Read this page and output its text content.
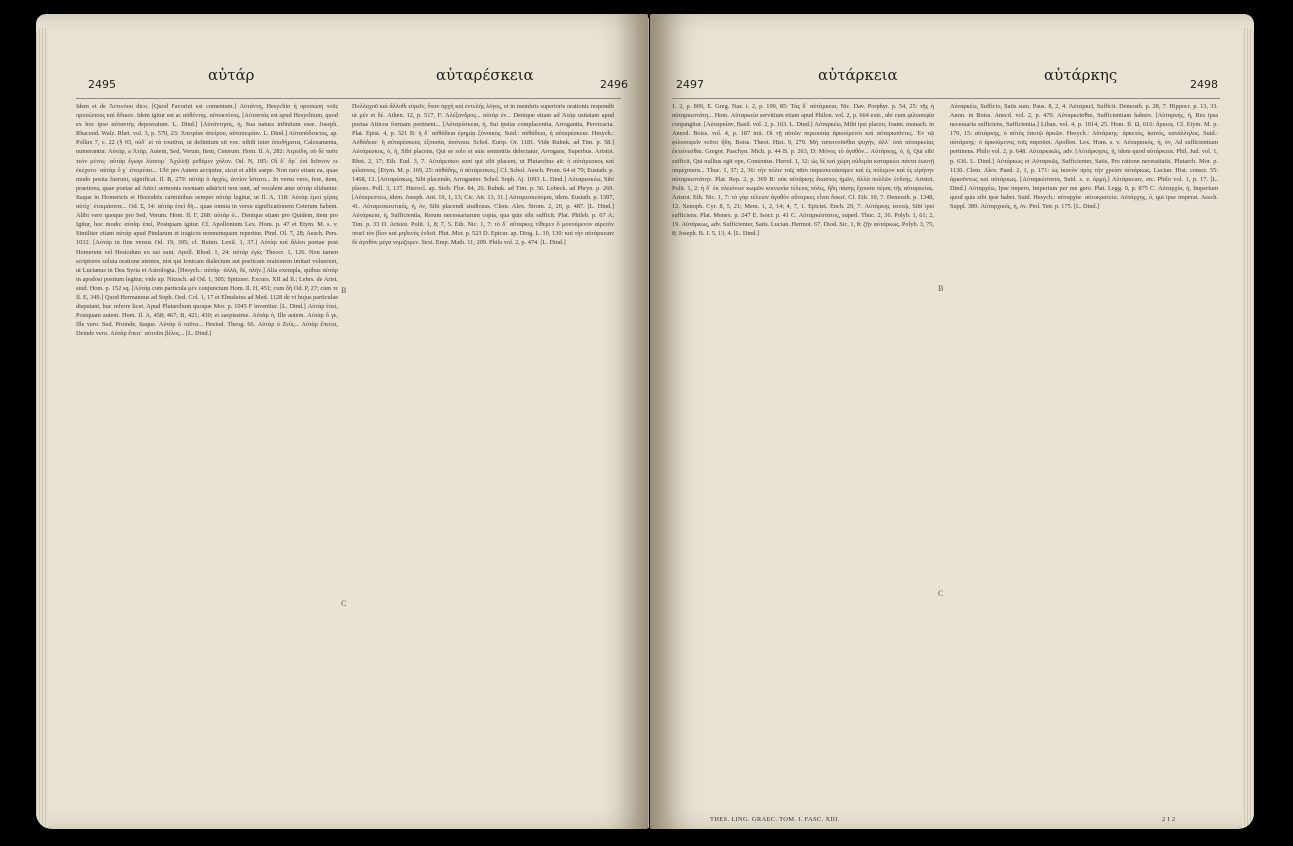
2495
αὐτάρ	αὐταρέσκεια
2496
Idem et de Ἀντινόου dico. [Quod Favorini est comentum.] Αὐτάντη, Hesychio ἡ προσώπη τοῦς προσώπους καὶ ἄδικον. Idem igitur est ac αὐθέντης. αὐτοκτόνος. [Αὐταντάς est apud Hesychium, quod ex hoc ipso αὐταντής depravatum. L. Dind.] [Αὐτάντησις, ἡ, Sua natura infinitum esse. Joseph. Rhacend. Walz. Rhet. vol. 3, p. 570, 23: Ἀπειρίαν ἀπείρου, αὐταπειρίαν. L. Dind.] Αὐταπόδεικτος, ap. Pollux 7, c. 22 (§ 93, οὐδ᾽ εἰ τά τοιαῦτα, ut definitum sit voc. nihili inter ὑποδήματα, Calceamenta, numerantur. Αὐτάρ, a Ἀτὰρ, Autem, Sed, Verum, Item, Ceterum. Hom. Il. A, 282: Ἀτρείδη, σὺ δὲ παῦε τεὸν μένος· αὐτὰρ ἔγωγε λίσσομ᾽ Ἀχιλλῆϊ μεθέμεν χόλον. Od. N, 185: Οἳ δ᾽ ἄρ᾽ ἐπὶ δεῖπνον τε ἐκέχυτο· αὐτὰρ ὅ γ᾽ ἐπιτρέπει... Ubi pro Autem accipitur, sicut et alibi saepe. Non raro etiam ea, quae modo posita fuerunt, significat. Il. B, 279: αὐτὰρ ὁ ἀρχὸς, ἀντίον ἴστατο... In versu vero, fere, item, praeterea, quae poetae ad Attici sermonis normam adstricti non sunt, ad vocalem ante αὐτάρ eliduntur. Itaque in Homericis et Hesiodeis carminibus semper αὐτάρ legitur, ut Il. A, 118: Αὐτὰρ ἐμοὶ γέρας αὐτίχ᾽ ἑτοιμάσατε... Od. Σ, 14: αὐτὰρ ἐπεὶ δὴ... quae omnia in versu significationem Ceterum habent. Alibi vero quoque pro Sed, Verum. Hom. Il. Γ, 268: αὐτὰρ ὁ... Denique etiam pro Quidem, item pro Igitur, hoc modo: αὐτὰρ ἐπεὶ, Postquam igitur. Cf. Apollonium Lex. Hom. p. 47 et Etym. M. s. v. Similiter etiam αὐτάρ apud Pindarum et tragicos nonnumquam reperitur. Pind. Ol. 7, 28; Aesch. Pers. 1032. [Αὐτάρ in fine versus Od. 19, 395; cf. Buttm. Lexil. 1, 37.] Αὐτὰρ καὶ ἄλλοι poetae post Homerum vel Hesiodum eo usi sunt. Apoll. Rhod. 1, 24: αὐτὰρ ἐγώ; Theocr. 1, 126. Non tamen scriptores soluta oratione utentes, nisi qui Ionicam dialectum aut poeticam orationem imitari voluerunt, ut Lucianus in Dea Syria et Astrologia. [Hesych.: αὐτάρ· ἀλλά, δέ, πλήν.] Alia exempla, quibus αὐτάρ in apodosi positum legitur, vide ap. Nitzsch. ad Od. 1, 305; Spitzner. Excurs. XII ad Il.; Lehrs. de Arist. stud. Hom. p. 152 sq. [Αὐτάρ cum particula μέν conjunctum Hom. Il. H, 451; cum δή Od. P, 27; cum τε Il. E, 349.] Quod Hermannus ad Soph. Oed. Col. 1, 17 et Elmsleius ad Med. 1128 de vi hujus particulae disputant, huc referre licet. Apud Plutarchum quoque Mor. p. 1045 F invenitur. [L. Dind.] Αὐτάρ ἐπεί, Postquam autem. Hom. Il. A, 458; 467; B, 421; 430; et saepissime. Αὐτὰρ ὁ, Ille autem. Αὐτὰρ ὅ γε, Ille vero. Sed. Proinde, Itaque. Αὐτὰρ ὅ ταῦτα... Hesiod. Theog. 66. Αὐτὰρ ὁ Ζεύς... Αὐτὰρ ἔπειτα, Deinde vero. Αὐτὰρ ἔπειτ᾽ αὐτοῖσι βέλος... [L. Dind.]
Πολλαχοῦ καὶ ἄλλοθι εὑρεῖν, ὅταν ἀρχὴ καὶ ἐντελὴς λόγος, et in membris superioris orationis respondit ut μέν et δέ. Athen. 12, p. 517, F: Ἀλέξανδρος... αὐτὰρ ἐν... Denique etiam ad Ἀτάρ usitatam apud poetas Atticos formam pertinent... [Αὐταρέσκεια, ἡ, Sui ipsius complacentia, Arrogantia, Pervicacia. Plat. Epist. 4, p. 321 B: ἡ δ᾽ αὐθάδεια ἐρημίᾳ ξύνοικος. Suid.: αὐθάδεια, ἡ αὐταρέσκεια. Hesych.: Αὐθάδεια· ἡ αὐταρέσκεια, ἐξουσία, ἀπόνοια. Schol. Eurip. Or. 1181. Vide Ruhnk. ad Tim. p. 58.] Αὐτάρεσκος, ὁ, ἡ, Sibi placens, Qui se solo et suis sententiis delectatur, Arrogans, Superbus. Aristot. Rhet. 2, 17; Eth. Eud. 3, 7. Αὐτάρεσκοι sunt qui sibi placent, ut Plutarchus ait: ὁ αὐτάρεσκος καὶ φίλαυτος. [Etym. M. p. 169, 25: αὐθάδης, ὁ αὐτάρεσκος.] Cf. Schol. Aesch. Prom. 64 et 79; Eustath. p. 1468, 13. [Αὐταρέσκως, Sibi placendo, Arroganter. Schol. Soph. Aj. 1093. L. Dind.] Αὐταρεσκέω, Sibi placeo. Poll. 3, 137. Hierocl. ap. Stob. Flor. 84, 20. Ruhnk. ad Tim. p. 56. Lobeck. ad Phryn. p. 269. [Αὐταρεστέω, idem. Joseph. Ant. 19, 1, 13; Cic. Att. 13, 31.] Αὐταρεσκεύομαι, idem. Eustath. p. 1397, 41. Αὐταρεσκευτικός, ή, όν, Sibi placendi studiosus. Clem. Alex. Strom. 2, 20, p. 487. [L. Dind.] Αὐτάρκεια, ἡ, Sufficientia, Rerum necessariarum copia, qua quis sibi sufficit. Plat. Phileb. p. 67 A; Tim. p. 33 D. Aristot. Polit. 1, 8; 7, 5. Eth. Nic. 1, 7: τὸ δ᾽ αὔταρκες τίθεμεν ὃ μονούμενον αἱρετὸν ποιεῖ τὸν βίον καὶ μηδενὸς ἐνδεᾶ. Plut. Mor. p. 523 D. Epicur. ap. Diog. L. 10, 130: καὶ τὴν αὐτάρκειαν δὲ ἀγαθὸν μέγα νομίζομεν. Sext. Emp. Math. 11, 209. Philo vol. 2, p. 474. [L. Dind.]
B
C
2497
αὐτάρκεια	αὐτάρκης
2498
1. 2, p. 809, E. Greg. Naz. t. 2, p. 199, 85: Τὰς δ᾽ αὐτάρκεια, Nic. Dav. Porphyr. p. 54, 25: τῆς ἡ αὐταρκεστάτη... Hom. Αὐταρκεία servitium etiam apud Philon. vol. 2, p. 664 extr., ubi cum φιλοσοφία conjungitur. [Αὐταρκίαν, Basil. vol. 2, p. 163. L. Dind.] Αὐταρκέω, Mihi ipsi placeo, Joann. monach. in Anecd. Boiss. vol. 4, p. 187 init. Οἱ τῇ αὐτῶν περιουσίᾳ ἀρκούμενοι καὶ αὐταρκοῦντες. Ἐν τῷ φιλοσοφεῖν τοῦτο ἤδη. Boiss. Theot. Hist. 9, 279. Μὴ ταπεινοῦσθαι ψυχὴν, ἀλλ᾽ ὑπὸ αὐταρκείας ἐκτείνεσθαι. Gregor. Paschyn. Mich. p. 44 B. p. 263, D: Μόνος τὸ ἀγαθὸν... Αὐτάρκης, ὁ, ἡ, Qui sibi sufficit, Qui nullius egit ope, Contentus. Herod. 1, 32: ὡς δὲ καὶ χώρη οὐδεμία καταρκέει πάντα ἑωυτῇ παρέχουσα... Thuc. 1, 37; 2, 36: τὴν πόλιν τοῖς πᾶσι παρεσκευάσαμεν καὶ ἐς πόλεμον καὶ ἐς εἰρήνην αὐταρκεστάτην. Plat. Rep. 2, p. 369 B: οὐκ αὐτάρκης ἕκαστος ἡμῶν, ἀλλὰ πολλῶν ἐνδεής. Aristot. Polit. 1, 2: ἡ δ᾽ ἐκ πλειόνων κωμῶν κοινωνία τέλειος πόλις, ἤδη πάσης ἔχουσα πέρας τῆς αὐταρκείας. Aristot. Eth. Nic. 1, 7: τὸ γὰρ τέλειον ἀγαθὸν αὔταρκες εἶναι δοκεῖ. Cf. Eth. 10, 7. Demosth. p. 1348, 12. Xenoph. Cyr. 8, 5, 21; Mem. 1, 2, 14; 4, 7, 1. Epictet. Ench. 29, 7. Αὐτάρκης ἑαυτῷ, Sibi ipsi sufficiens. Plat. Menex. p. 247 E. Isocr. p. 41 C. Αὐταρκέστατος, superl. Thuc. 2, 36. Polyb. 1, 61; 2, 19. Αὐτάρκως, adv. Sufficienter, Satis. Lucian. Hermot. 67. Diod. Sic. 1, 8: ζῆν αὐτάρκως. Polyb. 3, 75, 8; Joseph. B. J. 5, 13, 4. [L. Dind.]
Αὐταρκέω, Sufficio, Satis sum. Paus. 8, 2, 4. Ἀὐταρκεῖ, Sufficit. Demosth. p. 28, 7. Hippocr. p. 13, 33. Anon. in Boiss. Anecd. vol. 2, p. 470. Αὐταρκεῖσθαι, Sufficientiam habere. [Αὐταρκής, ἡ, Res ipsa necessaria sufficiens, Sufficientia.] Liban. vol. 4, p. 1014, 25. Hom. Il. Ω, 616: ἄρκιος. Cf. Etym. M. p. 170, 15: αὐτάρκης, ὁ αὐτὸς ἑαυτῷ ἀρκῶν. Hesych.: Αὐτάρκης· ἀρκετός, ἱκανός, κατάλληλος. Suid.: αὐτάρκης· ὁ ἀρκούμενος τοῖς παροῦσι. Apollon. Lex. Hom. s. v. Αὐταρκικός, ή, όν, Ad sufficientiam pertinens. Philo vol. 2, p. 648. Αὐταρκικῶς, adv. [Αὐτάρκησις, ἡ, idem quod αὐτάρκεια. Phil. Jud. vol. 1, p. 636. L. Dind.] Αὐτάρκως et Αὐταρκῶς, Sufficienter, Satis, Pro ratione necessitatis. Plutarch. Mor. p. 1130. Clem. Alex. Paed. 2, 1, p. 171: ὡς ἱκανὸν πρὸς τὴν χρείαν αὐτάρκως. Lucian. Hist. conscr. 55: ἀρκοῦντως καὶ αὐτάρκως. [Αὐταρκέστατα, Suid. s. v. ὁρμὴ.] Αὐτάρκειαν, etc. Philo vol. 1, p. 17. [L. Dind.] Αὐταρχέω, Ipse impero, Imperium per me gero. Plat. Legg. 9, p. 875 C. Αὐταρχία, ἡ, Imperium quod quis sibi ipse habet. Suid. Hesych.: αὐταρχία· αὐτοκρατεία. Αὐτάρχης, ὁ, qui ipse imperat. Aesch. Suppl. 389. Αὐταρχικός, ή, όν. Ptol. Tetr. p. 175. [L. Dind.]
B
C
THES. LING. GRAEC. TOM. I. FASC. XIII.	2 I 2
